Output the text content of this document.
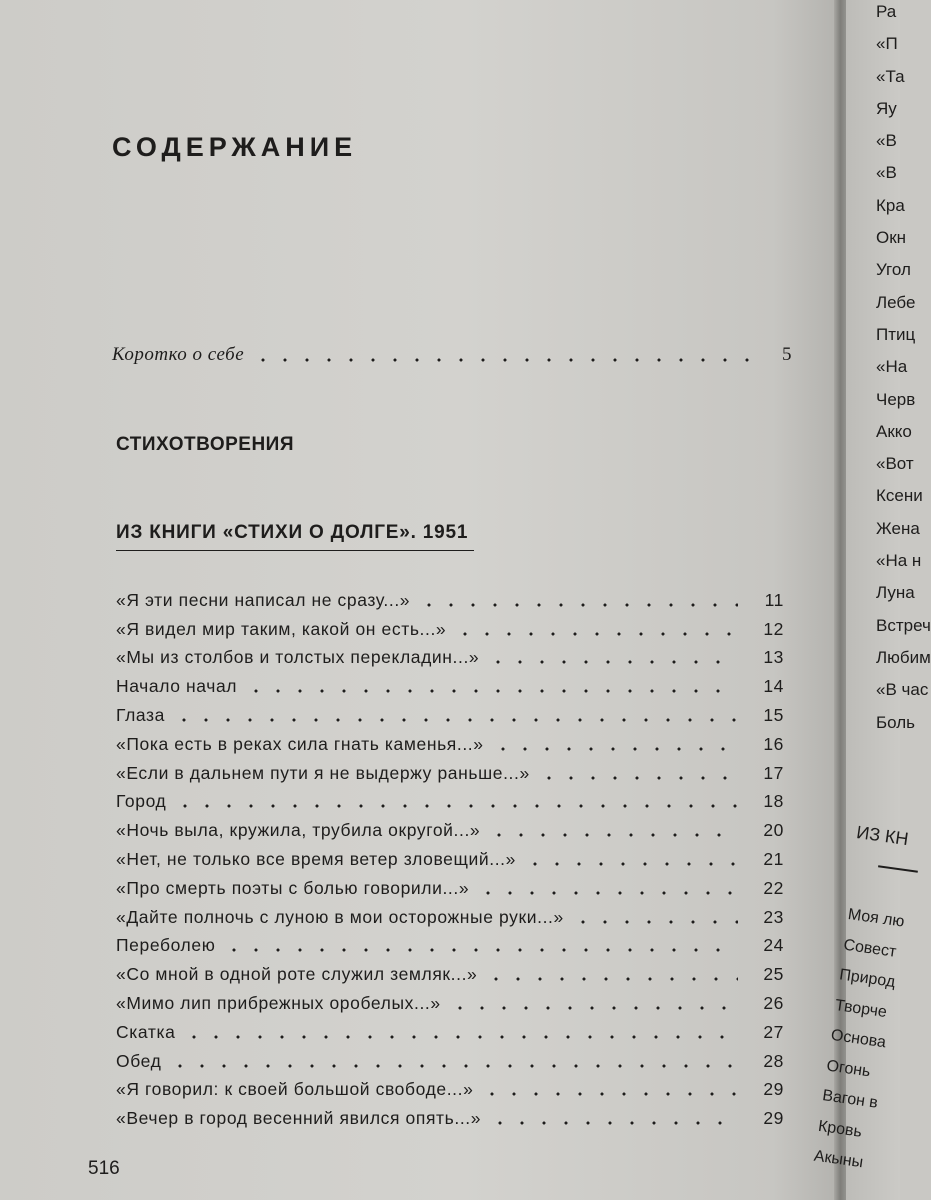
СОДЕРЖАНИЕ
Коротко о себе	5
СТИХОТВОРЕНИЯ
ИЗ КНИГИ «СТИХИ О ДОЛГЕ». 1951
«Я эти песни написал не сразу...»	11
«Я видел мир таким, какой он есть...»	12
«Мы из столбов и толстых перекладин...»	13
Начало начал	14
Глаза	15
«Пока есть в реках сила гнать каменья...»	16
«Если в дальнем пути я не выдержу раньше...»	17
Город	18
«Ночь выла, кружила, трубила округой...»	20
«Нет, не только все время ветер зловещий...»	21
«Про смерть поэты с болью говорили...»	22
«Дайте полночь с луною в мои осторожные руки...»	23
Переболею	24
«Со мной в одной роте служил земляк...»	25
«Мимо лип прибрежных оробелых...»	26
Скатка	27
Обед	28
«Я говорил: к своей большой свободе...»	29
«Вечер в город весенний явился опять...»	29
516
Ра
«П
«Та
Яу
«В
«В
Кра
Окн
Угол
Лебе
Птиц
«На
Черв
Акко
«Вот
Ксени
Жена
«На н
Луна
Встреч
Любим
«В час
Боль
ИЗ КН
Моя лю
Совест
Природ
Творче
Основа
Огонь
Вагон в
Кровь
Акыны
